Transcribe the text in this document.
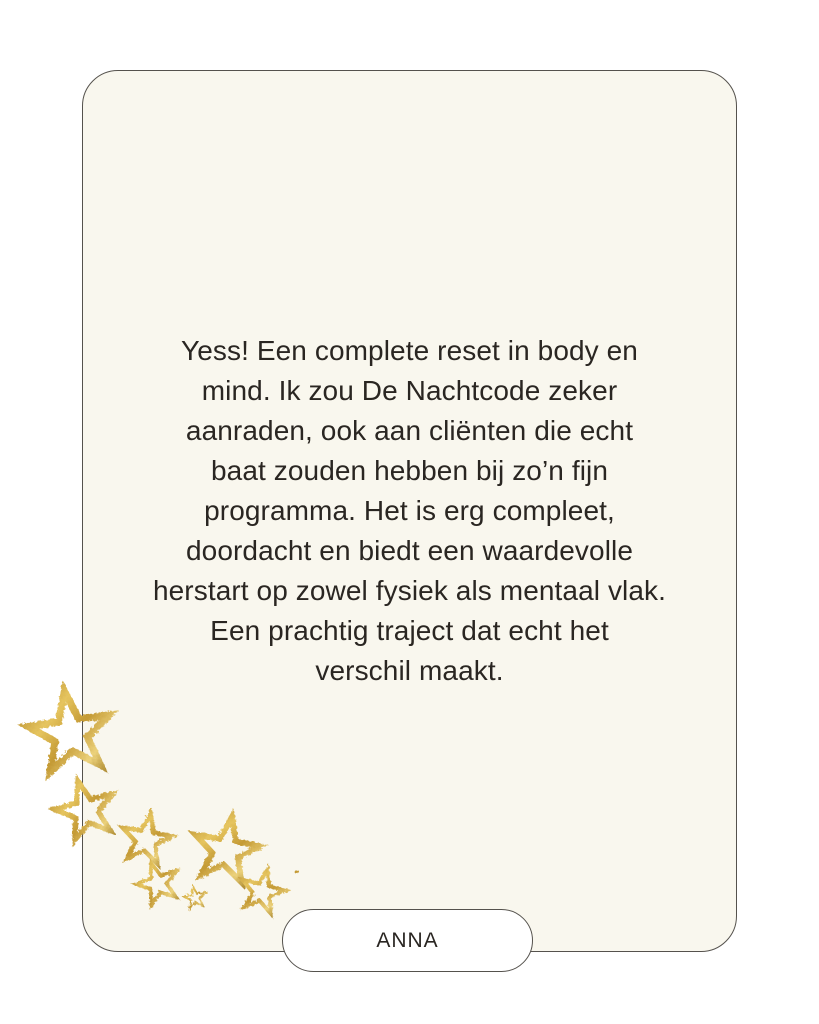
Yess! Een complete reset in body en
mind. Ik zou De Nachtcode zeker
aanraden, ook aan cliënten die echt
baat zouden hebben bij zo’n fijn
programma. Het is erg compleet,
doordacht en biedt een waardevolle
herstart op zowel fysiek als mentaal vlak.
Een prachtig traject dat echt het
verschil maakt.
ANNA
